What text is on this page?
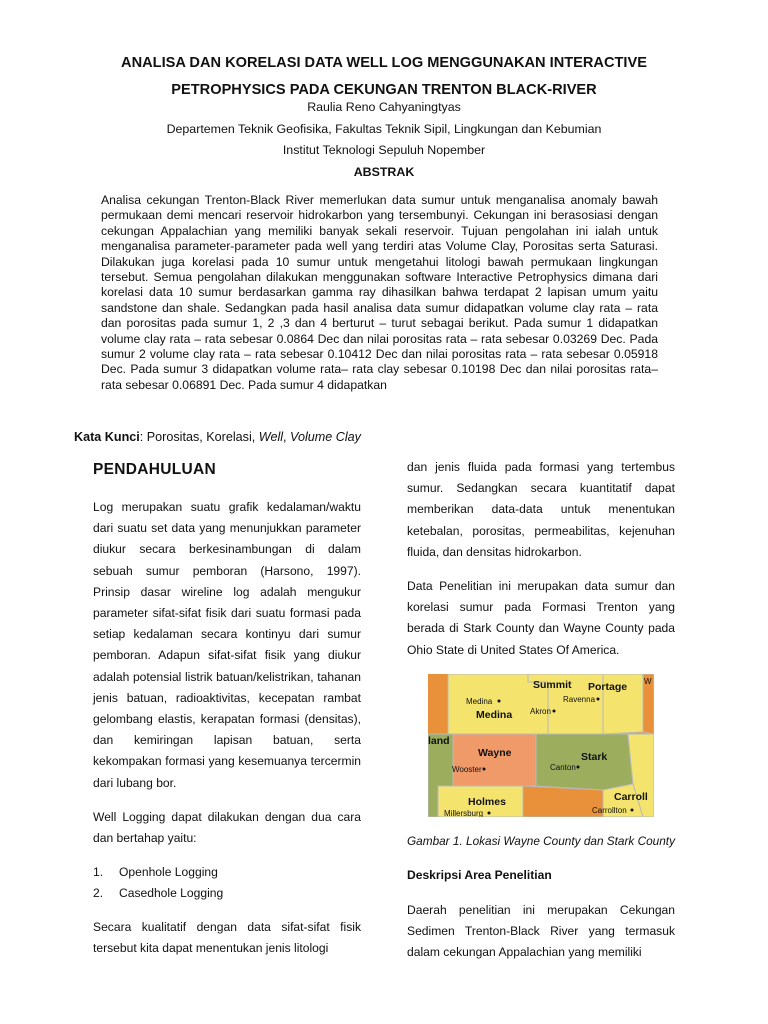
ANALISA DAN KORELASI DATA WELL LOG MENGGUNAKAN INTERACTIVE
PETROPHYSICS PADA CEKUNGAN TRENTON BLACK-RIVER
Raulia Reno Cahyaningtyas
Departemen Teknik Geofisika, Fakultas Teknik Sipil, Lingkungan dan Kebumian
Institut Teknologi Sepuluh Nopember
ABSTRAK
Analisa cekungan Trenton-Black River memerlukan data sumur untuk menganalisa anomaly bawah permukaan demi mencari reservoir hidrokarbon yang tersembunyi. Cekungan ini berasosiasi dengan cekungan Appalachian yang memiliki banyak sekali reservoir. Tujuan pengolahan ini ialah untuk menganalisa parameter-parameter pada well yang terdiri atas Volume Clay, Porositas serta Saturasi. Dilakukan juga korelasi pada 10 sumur untuk mengetahui litologi bawah permukaan lingkungan tersebut. Semua pengolahan dilakukan menggunakan software Interactive Petrophysics dimana dari korelasi data 10 sumur berdasarkan gamma ray dihasilkan bahwa terdapat 2 lapisan umum yaitu sandstone dan shale. Sedangkan pada hasil analisa data sumur didapatkan volume clay rata – rata dan porositas pada sumur 1, 2 ,3 dan 4 berturut – turut sebagai berikut. Pada sumur 1 didapatkan volume clay rata – rata sebesar 0.0864 Dec dan nilai porositas rata – rata sebesar 0.03269 Dec. Pada sumur 2 volume clay rata – rata sebesar 0.10412 Dec dan nilai porositas rata – rata sebesar 0.05918 Dec. Pada sumur 3 didapatkan volume rata– rata clay sebesar 0.10198 Dec dan nilai porositas rata–rata sebesar 0.06891 Dec. Pada sumur 4 didapatkan
Kata Kunci: Porositas, Korelasi, Well, Volume Clay
PENDAHULUAN

Log merupakan suatu grafik kedalaman/waktu dari suatu set data yang menunjukkan parameter diukur secara berkesinambungan di dalam sebuah sumur pemboran (Harsono, 1997). Prinsip dasar wireline log adalah mengukur parameter sifat-sifat fisik dari suatu formasi pada setiap kedalaman secara kontinyu dari sumur pemboran. Adapun sifat-sifat fisik yang diukur adalah potensial listrik batuan/kelistrikan, tahanan jenis batuan, radioaktivitas, kecepatan rambat gelombang elastis, kerapatan formasi (densitas), dan kemiringan lapisan batuan, serta kekompakan formasi yang kesemuanya tercermin dari lubang bor.

Well Logging dapat dilakukan dengan dua cara dan bertahap yaitu:

1.	Openhole Logging
2.	Casedhole Logging

Secara kualitatif dengan data sifat-sifat fisik tersebut kita dapat menentukan jenis litologi

dan jenis fluida pada formasi yang tertembus sumur. Sedangkan secara kuantitatif dapat memberikan data-data untuk menentukan ketebalan, porositas, permeabilitas, kejenuhan fluida, dan densitas hidrokarbon.

Data Penelitian ini merupakan data sumur dan korelasi sumur pada Formasi Trenton yang berada di Stark County dan Wayne County pada Ohio State di United States Of America.

Summit Portage W
Medina	Ravenna
Akron
Medina
land
Wayne	Stark
Wooster	Canton
Holmes	Carroll
Millersburg	Carrollton

Gambar 1. Lokasi Wayne County dan Stark County

Deskripsi Area Penelitian

Daerah penelitian ini merupakan Cekungan Sedimen Trenton-Black River yang termasuk dalam cekungan Appalachian yang memiliki
